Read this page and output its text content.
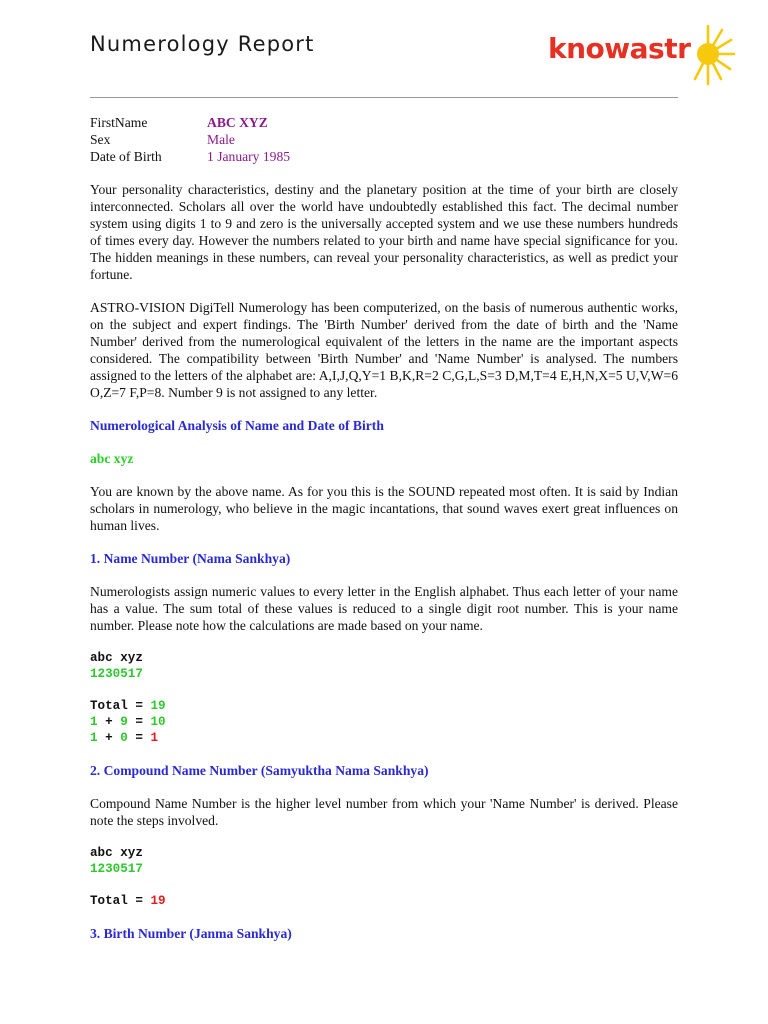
Numerology Report	knowastr
FirstName	ABC XYZ
Sex	Male
Date of Birth	1 January 1985

Your personality characteristics, destiny and the planetary position at the time of your birth are closely interconnected. Scholars all over the world have undoubtedly established this fact. The decimal number system using digits 1 to 9 and zero is the universally accepted system and we use these numbers hundreds of times every day. However the numbers related to your birth and name have special significance for you. The hidden meanings in these numbers, can reveal your personality characteristics, as well as predict your fortune.

ASTRO-VISION DigiTell Numerology has been computerized, on the basis of numerous authentic works, on the subject and expert findings. The 'Birth Number' derived from the date of birth and the 'Name Number' derived from the numerological equivalent of the letters in the name are the important aspects considered. The compatibility between 'Birth Number' and 'Name Number' is analysed. The numbers assigned to the letters of the alphabet are: A,I,J,Q,Y=1 B,K,R=2 C,G,L,S=3 D,M,T=4 E,H,N,X=5 U,V,W=6 O,Z=7 F,P=8. Number 9 is not assigned to any letter.

Numerological Analysis of Name and Date of Birth

abc xyz

You are known by the above name. As for you this is the SOUND repeated most often. It is said by Indian scholars in numerology, who believe in the magic incantations, that sound waves exert great influences on human lives.

1. Name Number (Nama Sankhya)

Numerologists assign numeric values to every letter in the English alphabet. Thus each letter of your name has a value. The sum total of these values is reduced to a single digit root number. This is your name number. Please note how the calculations are made based on your name.

abc xyz
1230517
Total = 19
1 + 9 = 10
1 + 0 = 1

2. Compound Name Number (Samyuktha Nama Sankhya)

Compound Name Number is the higher level number from which your 'Name Number' is derived. Please note the steps involved.

abc xyz
1230517
Total = 19

3. Birth Number (Janma Sankhya)
